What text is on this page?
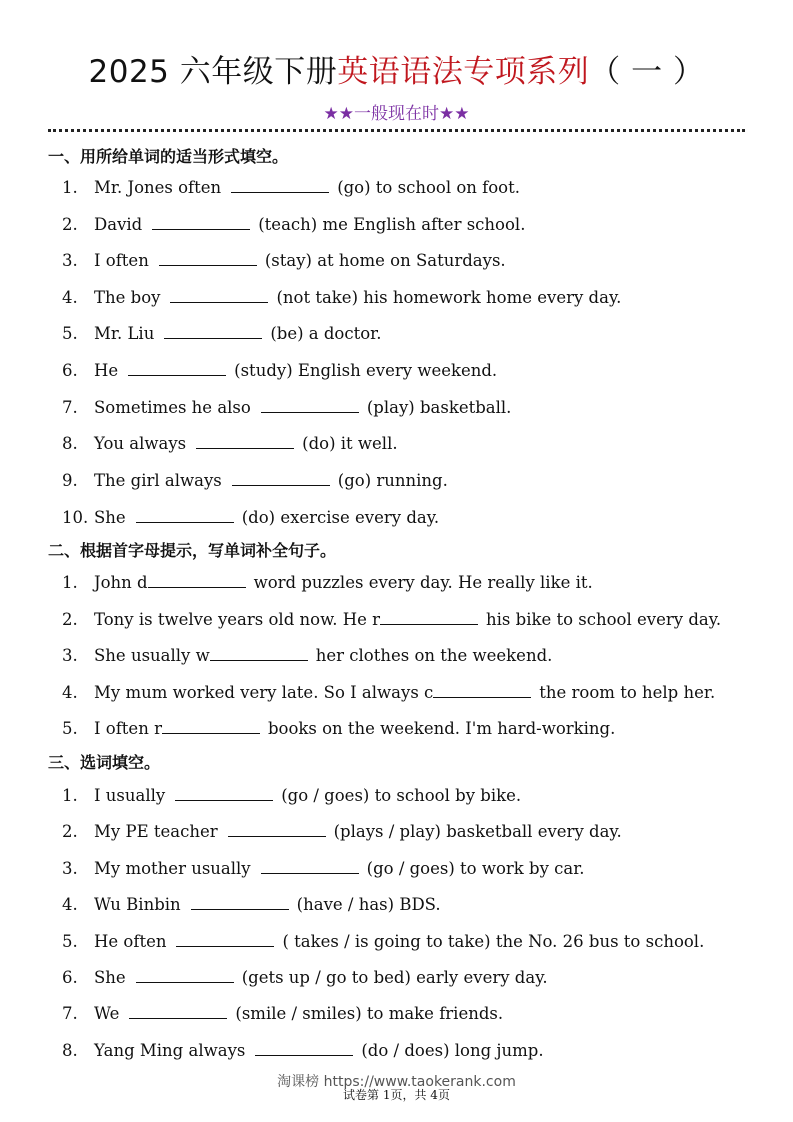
2025 六年级下册英语语法专项系列（ 一 ）
★★一般现在时★★
一、用所给单词的适当形式填空。
1. Mr. Jones often	(go) to school on foot.
2. David	(teach) me English after school.
3. I often	(stay) at home on Saturdays.
4. The boy	(not take) his homework home every day.
5. Mr. Liu	(be) a doctor.
6. He	(study) English every weekend.
7. Sometimes he also	(play) basketball.
8. You always	(do) it well.
9. The girl always	(go) running.
10. She	(do) exercise every day.
二、根据首字母提示，写单词补全句子。
1. John d	word puzzles every day. He really like it.
2. Tony is twelve years old now. He r	his bike to school every day.
3. She usually w	her clothes on the weekend.
4. My mum worked very late. So I always c	the room to help her.
5. I often r	books on the weekend. I'm hard-working.
三、选词填空。
1. I usually	(go / goes) to school by bike.
2. My PE teacher	(plays / play) basketball every day.
3. My mother usually	(go / goes) to work by car.
4. Wu Binbin	(have / has) BDS.
5. He often	( takes / is going to take) the No. 26 bus to school.
6. She	(gets up / go to bed) early every day.
7. We	(smile / smiles) to make friends.
8. Yang Ming always	(do / does) long jump.
淘课榜 https://www.taokerank.com
试卷第 1页，共 4页
